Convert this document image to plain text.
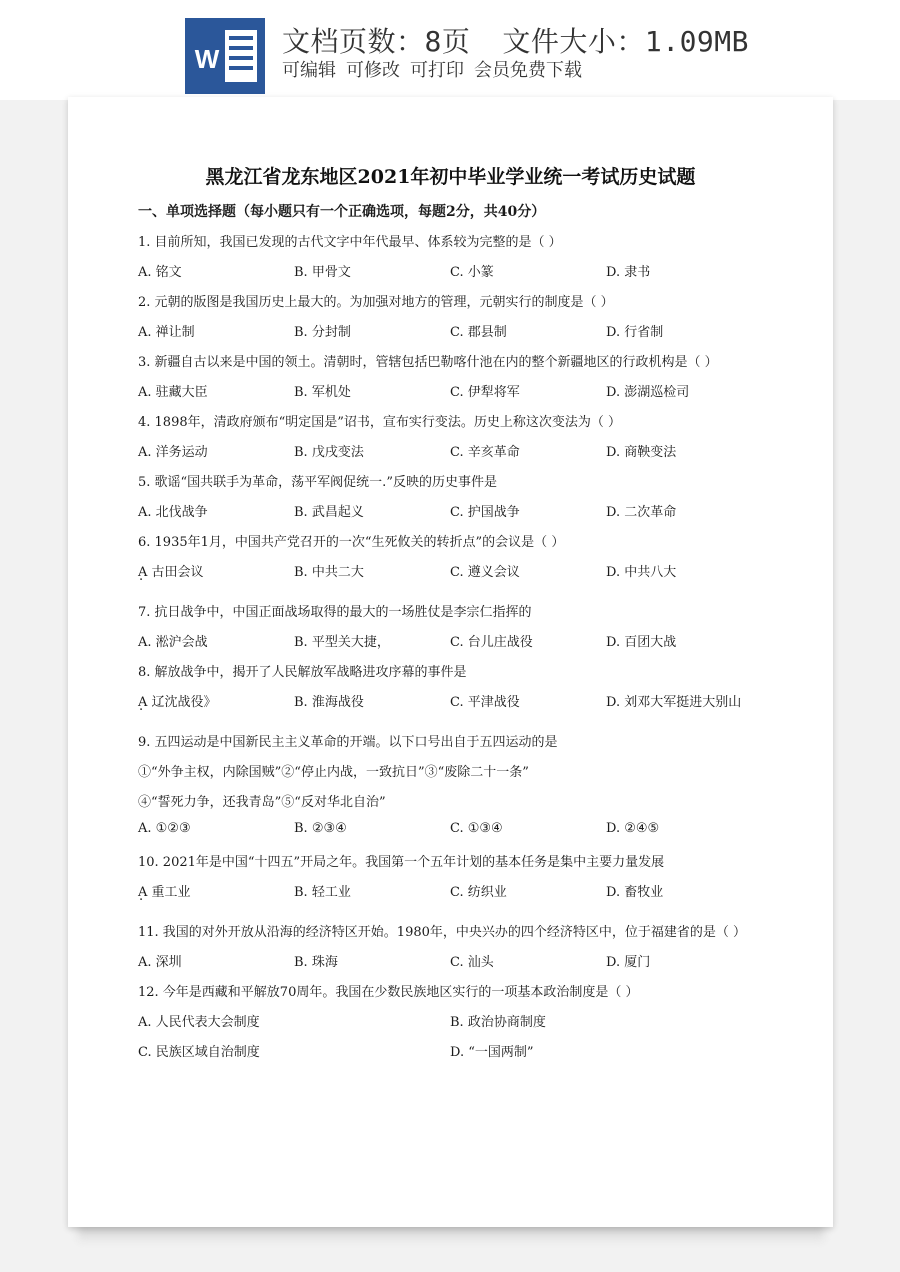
W
文档页数：8页 文件大小：1.09MB
可编辑 可修改 可打印 会员免费下载
黑龙江省龙东地区2021年初中毕业学业统一考试历史试题
一、单项选择题（每小题只有一个正确选项，每题2分，共40分）
1. 目前所知，我国已发现的古代文字中年代最早、体系较为完整的是（ ）
A. 铭文	B. 甲骨文	C. 小篆	D. 隶书
2. 元朝的版图是我国历史上最大的。为加强对地方的管理，元朝实行的制度是（ ）
A. 禅让制	B. 分封制	C. 郡县制	D. 行省制
3. 新疆自古以来是中国的领土。清朝时，管辖包括巴勒喀什池在内的整个新疆地区的行政机构是（ ）
A. 驻藏大臣	B. 军机处	C. 伊犁将军	D. 澎湖巡检司
4. 1898年，清政府颁布“明定国是”诏书，宣布实行变法。历史上称这次变法为（ ）
A. 洋务运动	B. 戊戌变法	C. 辛亥革命	D. 商鞅变法
5. 歌谣“国共联手为革命，荡平军阀促统一.”反映的历史事件是
A. 北伐战争	B. 武昌起义	C. 护国战争	D. 二次革命
6. 1935年1月，中国共产党召开的一次“生死攸关的转折点”的会议是（ ）
A 古田会议 .	B. 中共二大	C. 遵义会议	D. 中共八大
7. 抗日战争中，中国正面战场取得的最大的一场胜仗是李宗仁指挥的
A. 淞沪会战	B. 平型关大捷，	C. 台儿庄战役	D. 百团大战
8. 解放战争中，揭开了人民解放军战略进攻序幕的事件是
A 辽沈战役》 .	B. 淮海战役	C. 平津战役	D. 刘邓大军挺进大别山
9. 五四运动是中国新民主主义革命的开端。以下口号出自于五四运动的是
①“外争主权，内除国贼”②“停止内战，一致抗日”③“废除二十一条”
④“誓死力争，还我青岛”⑤“反对华北自治”
A. ①②③	B. ②③④	C. ①③④	D. ②④⑤
10. 2021年是中国“十四五”开局之年。我国第一个五年计划的基本任务是集中主要力量发展
A 重工业 .	B. 轻工业	C. 纺织业	D. 畜牧业
11. 我国的对外开放从沿海的经济特区开始。1980年，中央兴办的四个经济特区中，位于福建省的是（ ）
A. 深圳	B. 珠海	C. 汕头	D. 厦门
12. 今年是西藏和平解放70周年。我国在少数民族地区实行的一项基本政治制度是（ ）
A. 人民代表大会制度	B. 政治协商制度
C. 民族区域自治制度	D. “一国两制”
